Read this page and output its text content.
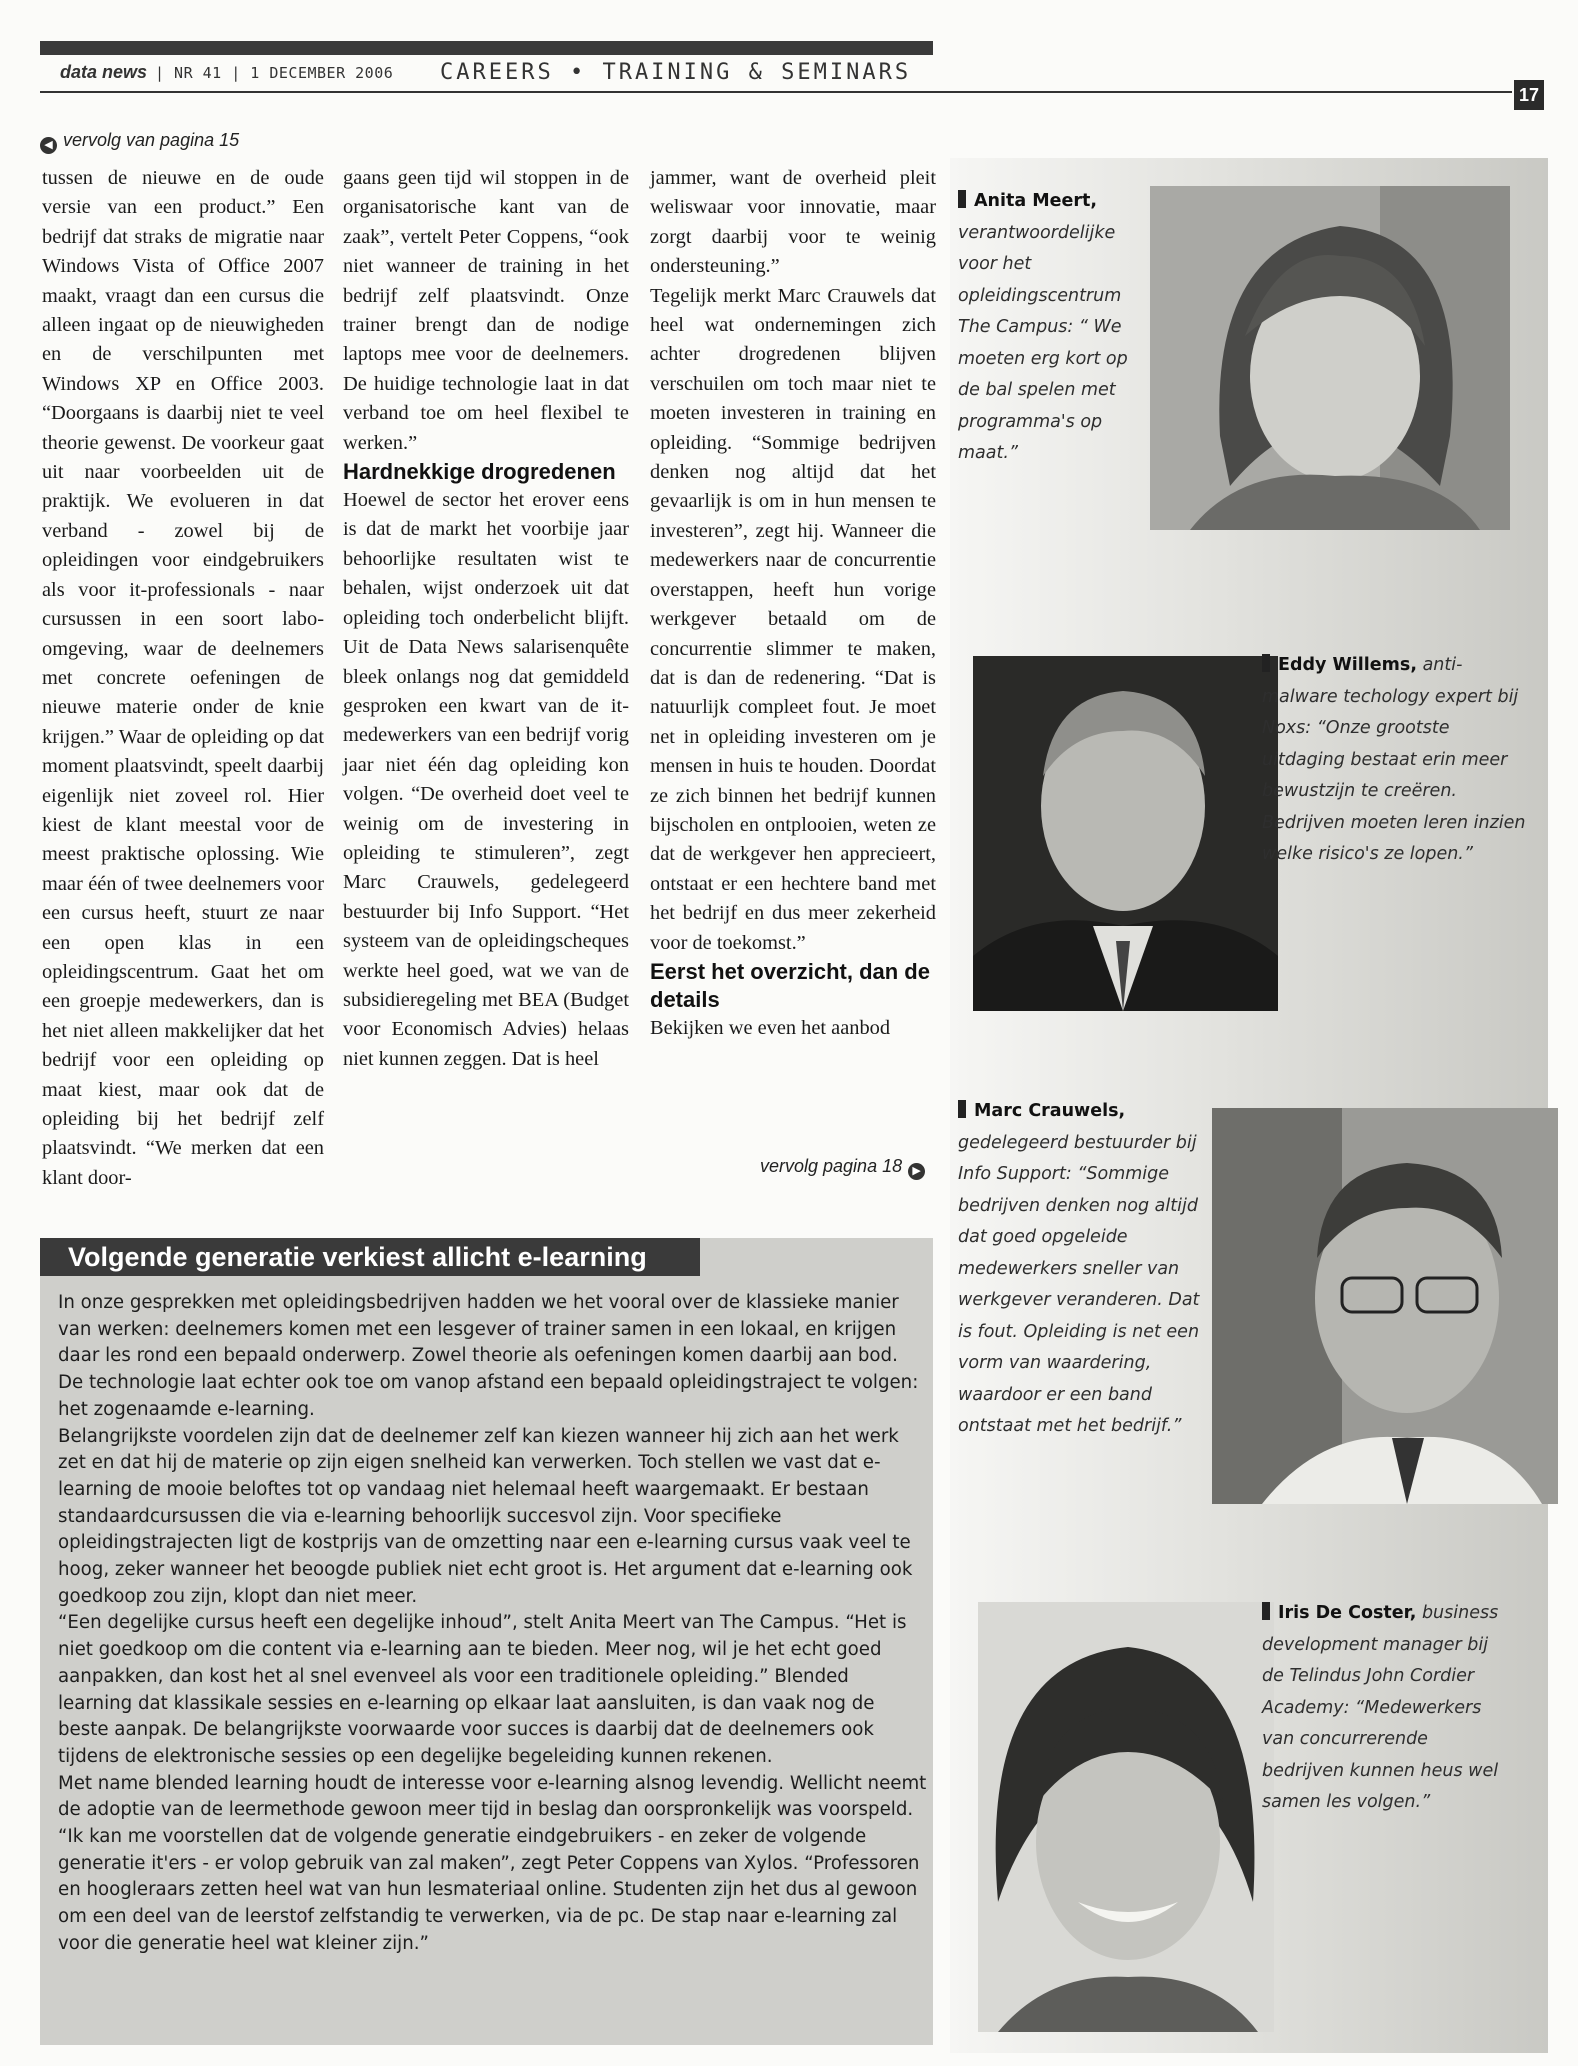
data news | NR 41 | 1 DECEMBER 2006 CAREERS • TRAINING & SEMINARS
17
◀ vervolg van pagina 15

tussen de nieuwe en de oude versie van een product.” Een bedrijf dat straks de migratie naar Windows Vista of Office 2007 maakt, vraagt dan een cursus die alleen ingaat op de nieuwigheden en de verschilpunten met Windows XP en Office 2003. “Doorgaans is daarbij niet te veel theorie gewenst. De voorkeur gaat uit naar voorbeelden uit de praktijk. We evolueren in dat verband - zowel bij de opleidingen voor eindgebruikers als voor it-professionals - naar cursussen in een soort labo-omgeving, waar de deelnemers met concrete oefeningen de nieuwe materie onder de knie krijgen.” Waar de opleiding op dat moment plaatsvindt, speelt daarbij eigenlijk niet zoveel rol. Hier kiest de klant meestal voor de meest praktische oplossing. Wie maar één of twee deelnemers voor een cursus heeft, stuurt ze naar een open klas in een opleidingscentrum. Gaat het om een groepje medewerkers, dan is het niet alleen makkelijker dat het bedrijf voor een opleiding op maat kiest, maar ook dat de opleiding bij het bedrijf zelf plaatsvindt. “We merken dat een klant door-

gaans geen tijd wil stoppen in de organisatorische kant van de zaak”, vertelt Peter Coppens, “ook niet wanneer de training in het bedrijf zelf plaatsvindt. Onze trainer brengt dan de nodige laptops mee voor de deelnemers. De huidige technologie laat in dat verband toe om heel flexibel te werken.”

Hardnekkige drogredenen

Hoewel de sector het erover eens is dat de markt het voorbije jaar behoorlijke resultaten wist te behalen, wijst onderzoek uit dat opleiding toch onderbelicht blijft. Uit de Data News salarisenquête bleek onlangs nog dat gemiddeld gesproken een kwart van de it-medewerkers van een bedrijf vorig jaar niet één dag opleiding kon volgen. “De overheid doet veel te weinig om de investering in opleiding te stimuleren”, zegt Marc Crauwels, gedelegeerd bestuurder bij Info Support. “Het systeem van de opleidingscheques werkte heel goed, wat we van de subsidieregeling met BEA (Budget voor Economisch Advies) helaas niet kunnen zeggen. Dat is heel

jammer, want de overheid pleit weliswaar voor innovatie, maar zorgt daarbij voor te weinig ondersteuning.”

Tegelijk merkt Marc Crauwels dat heel wat ondernemingen zich achter drogredenen blijven verschuilen om toch maar niet te moeten investeren in training en opleiding. “Sommige bedrijven denken nog altijd dat het gevaarlijk is om in hun mensen te investeren”, zegt hij. Wanneer die medewerkers naar de concurrentie overstappen, heeft hun vorige werkgever betaald om de concurrentie slimmer te maken, dat is dan de redenering. “Dat is natuurlijk compleet fout. Je moet net in opleiding investeren om je mensen in huis te houden. Doordat ze zich binnen het bedrijf kunnen bijscholen en ontplooien, weten ze dat de werkgever hen apprecieert, ontstaat er een hechtere band met het bedrijf en dus meer zekerheid voor de toekomst.”

Eerst het overzicht, dan de details

Bekijken we even het aanbod

vervolg pagina 18 ▶
Anita Meert, verantwoordelijke voor het opleidingscentrum The Campus: “ We moeten erg kort op de bal spelen met programma's op maat.”
Eddy Willems, anti-malware techology expert bij Noxs: “Onze grootste uitdaging bestaat erin meer bewustzijn te creëren. Bedrijven moeten leren inzien welke risico's ze lopen.”
Marc Crauwels, gedelegeerd bestuurder bij Info Support: “Sommige bedrijven denken nog altijd dat goed opgeleide medewerkers sneller van werkgever veranderen. Dat is fout. Opleiding is net een vorm van waardering, waardoor er een band ontstaat met het bedrijf.”
Iris De Coster, business development manager bij de Telindus John Cordier Academy: “Medewerkers van concurrerende bedrijven kunnen heus wel samen les volgen.”
Volgende generatie verkiest allicht e-learning

In onze gesprekken met opleidingsbedrijven hadden we het vooral over de klassieke manier van werken: deelnemers komen met een lesgever of trainer samen in een lokaal, en krijgen daar les rond een bepaald onderwerp. Zowel theorie als oefeningen komen daarbij aan bod. De technologie laat echter ook toe om vanop afstand een bepaald opleidingstraject te volgen: het zogenaamde e-learning.

Belangrijkste voordelen zijn dat de deelnemer zelf kan kiezen wanneer hij zich aan het werk zet en dat hij de materie op zijn eigen snelheid kan verwerken. Toch stellen we vast dat e-learning de mooie beloftes tot op vandaag niet helemaal heeft waargemaakt. Er bestaan standaardcursussen die via e-learning behoorlijk succesvol zijn. Voor specifieke opleidingstrajecten ligt de kostprijs van de omzetting naar een e-learning cursus vaak veel te hoog, zeker wanneer het beoogde publiek niet echt groot is. Het argument dat e-learning ook goedkoop zou zijn, klopt dan niet meer.

“Een degelijke cursus heeft een degelijke inhoud”, stelt Anita Meert van The Campus. “Het is niet goedkoop om die content via e-learning aan te bieden. Meer nog, wil je het echt goed aanpakken, dan kost het al snel evenveel als voor een traditionele opleiding.” Blended learning dat klassikale sessies en e-learning op elkaar laat aansluiten, is dan vaak nog de beste aanpak. De belangrijkste voorwaarde voor succes is daarbij dat de deelnemers ook tijdens de elektronische sessies op een degelijke begeleiding kunnen rekenen.

Met name blended learning houdt de interesse voor e-learning alsnog levendig. Wellicht neemt de adoptie van de leermethode gewoon meer tijd in beslag dan oorspronkelijk was voorspeld. “Ik kan me voorstellen dat de volgende generatie eindgebruikers - en zeker de volgende generatie it'ers - er volop gebruik van zal maken”, zegt Peter Coppens van Xylos. “Professoren en hoogleraars zetten heel wat van hun lesmateriaal online. Studenten zijn het dus al gewoon om een deel van de leerstof zelfstandig te verwerken, via de pc. De stap naar e-learning zal voor die generatie heel wat kleiner zijn.”
